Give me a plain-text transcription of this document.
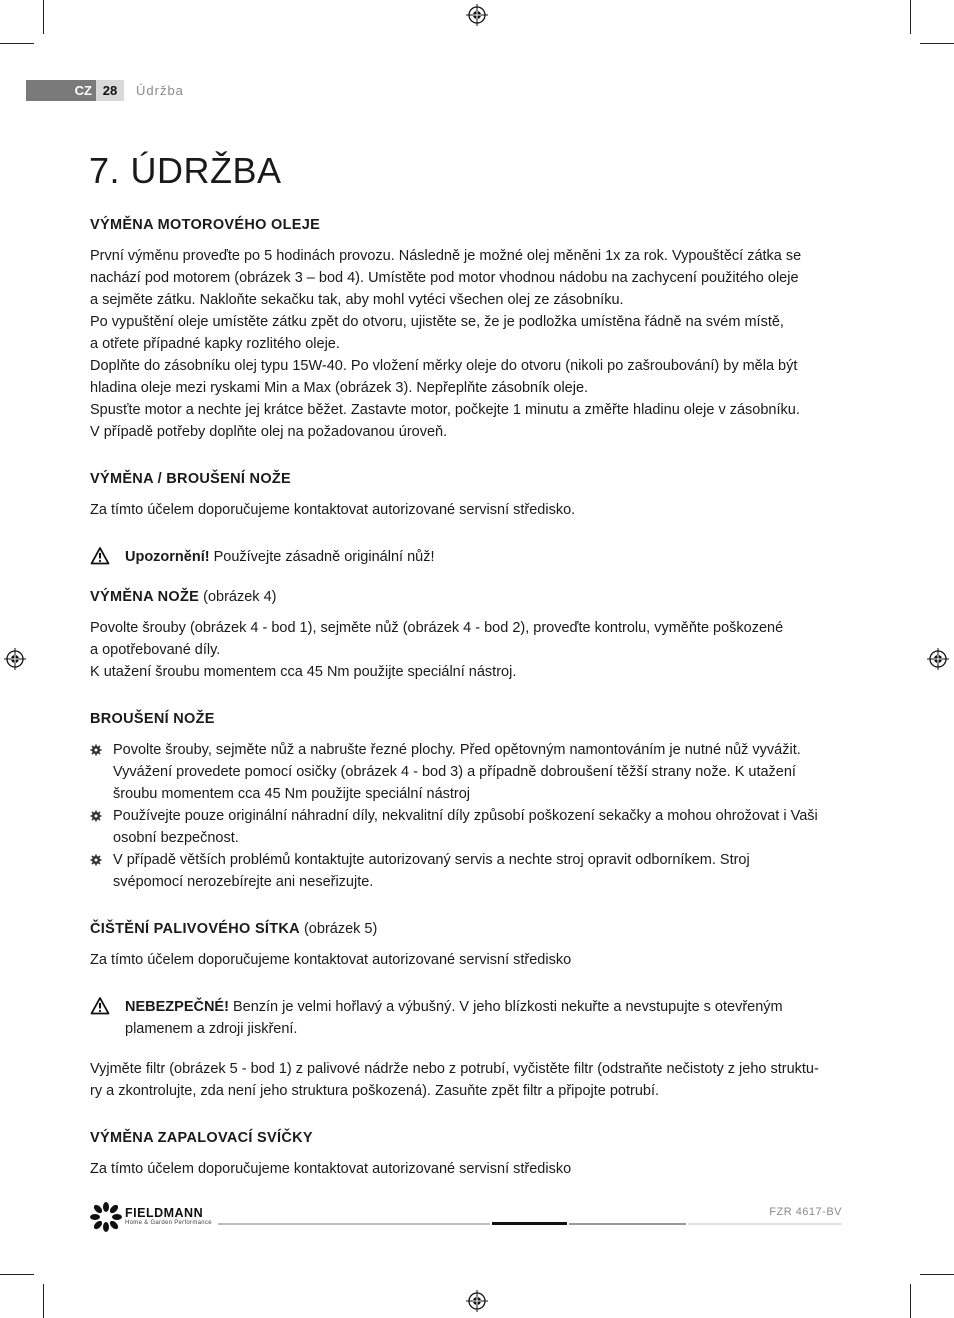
CZ 28	Údržba
7. ÚDRŽBA
VÝMĚNA MOTOROVÉHO OLEJE

První výměnu proveďte po 5 hodinách provozu. Následně je možné olej měněni 1x za rok. Vypouštěcí zátka se

nachází pod motorem (obrázek 3 – bod 4). Umístěte pod motor vhodnou nádobu na zachycení použitého oleje

a sejměte zátku. Nakloňte sekačku tak, aby mohl vytéci všechen olej ze zásobníku.

Po vypuštění oleje umístěte zátku zpět do otvoru, ujistěte se, že je podložka umístěna řádně na svém místě,

a otřete případné kapky rozlitého oleje.

Doplňte do zásobníku olej typu 15W-40. Po vložení měrky oleje do otvoru (nikoli po zašroubování) by měla být

hladina oleje mezi ryskami Min a Max (obrázek 3). Nepřeplňte zásobník oleje.

Spusťte motor a nechte jej krátce běžet. Zastavte motor, počkejte 1 minutu a změřte hladinu oleje v zásobníku.

V případě potřeby doplňte olej na požadovanou úroveň.

VÝMĚNA / BROUŠENÍ NOŽE

Za tímto účelem doporučujeme kontaktovat autorizované servisní středisko.

Upozornění! Používejte zásadně originální nůž!
VÝMĚNA NOŽE (obrázek 4)

Povolte šrouby (obrázek 4 - bod 1), sejměte nůž (obrázek 4 - bod 2), proveďte kontrolu, vyměňte poškozené

a opotřebované díly.

K utažení šroubu momentem cca 45 Nm použijte speciální nástroj.

BROUŠENÍ NOŽE

Povolte šrouby, sejměte nůž a nabrušte řezné plochy. Před opětovným namontováním je nutné nůž vyvážit.

Vyvážení provedete pomocí osičky (obrázek 4 - bod 3) a případně dobroušení těžší strany nože. K utažení

šroubu momentem cca 45 Nm použijte speciální nástroj

Používejte pouze originální náhradní díly, nekvalitní díly způsobí poškození sekačky a mohou ohrožovat i Vaši

osobní bezpečnost.

V případě větších problémů kontaktujte autorizovaný servis a nechte stroj opravit odborníkem. Stroj

svépomocí nerozebírejte ani neseřizujte.

ČIŠTĚNÍ PALIVOVÉHO SÍTKA (obrázek 5)

Za tímto účelem doporučujeme kontaktovat autorizované servisní středisko

NEBEZPEČNÉ! Benzín je velmi hořlavý a výbušný. V jeho blízkosti nekuřte a nevstupujte s otevřeným

plamenem a zdroji jiskření.

Vyjměte filtr (obrázek 5 - bod 1) z palivové nádrže nebo z potrubí, vyčistěte filtr (odstraňte nečistoty z jeho struktu-

ry a zkontrolujte, zda není jeho struktura poškozená). Zasuňte zpět filtr a připojte potrubí.

VÝMĚNA ZAPALOVACÍ SVÍČKY

Za tímto účelem doporučujeme kontaktovat autorizované servisní středisko

FIELDMANN
Home & Garden Performance
FZR 4617-BV
